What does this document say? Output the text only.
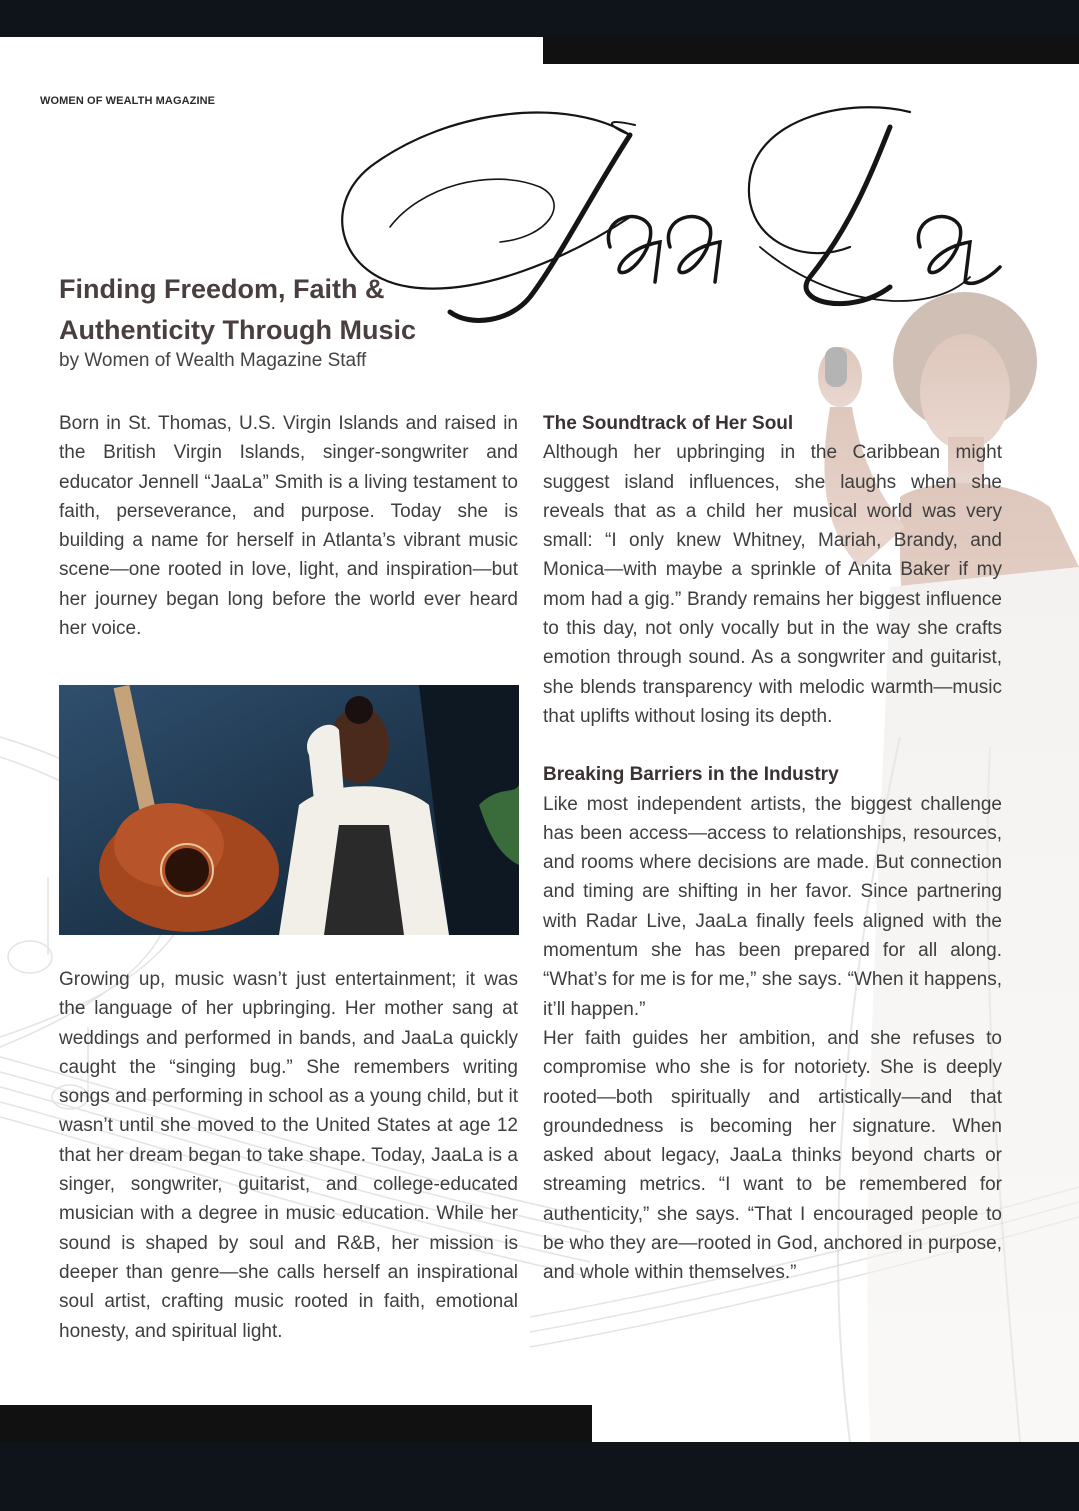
WOMEN OF WEALTH MAGAZINE
Finding Freedom, Faith &
Authenticity Through Music
by Women of Wealth Magazine Staff

Born in St. Thomas, U.S. Virgin Islands and raised in the British Virgin Islands, singer-songwriter and educator Jennell “JaaLa” Smith is a living testament to faith, perseverance, and purpose. Today she is building a name for herself in Atlanta’s vibrant music scene—one rooted in love, light, and inspiration—but her journey began long before the world ever heard her voice.

Growing up, music wasn’t just entertainment; it was the language of her upbringing. Her mother sang at weddings and performed in bands, and JaaLa quickly caught the “singing bug.” She remembers writing songs and performing in school as a young child, but it wasn’t until she moved to the United States at age 12 that her dream began to take shape. Today, JaaLa is a singer, songwriter, guitarist, and college-educated musician with a degree in music education. While her sound is shaped by soul and R&B, her mission is deeper than genre—she calls herself an inspirational soul artist, crafting music rooted in faith, emotional honesty, and spiritual light.

The Soundtrack of Her Soul

Although her upbringing in the Caribbean might suggest island influences, she laughs when she reveals that as a child her musical world was very small: “I only knew Whitney, Mariah, Brandy, and Monica—with maybe a sprinkle of Anita Baker if my mom had a gig.” Brandy remains her biggest influence to this day, not only vocally but in the way she crafts emotion through sound. As a songwriter and guitarist, she blends transparency with melodic warmth—music that uplifts without losing its depth.

Breaking Barriers in the Industry

Like most independent artists, the biggest challenge has been access—access to relationships, resources, and rooms where decisions are made. But connection and timing are shifting in her favor. Since partnering with Radar Live, JaaLa finally feels aligned with the momentum she has been prepared for all along. “What’s for me is for me,” she says. “When it happens, it’ll happen.”

Her faith guides her ambition, and she refuses to compromise who she is for notoriety. She is deeply rooted—both spiritually and artistically—and that groundedness is becoming her signature. When asked about legacy, JaaLa thinks beyond charts or streaming metrics. “I want to be remembered for authenticity,” she says. “That I encouraged people to be who they are—rooted in God, anchored in purpose, and whole within themselves.”
